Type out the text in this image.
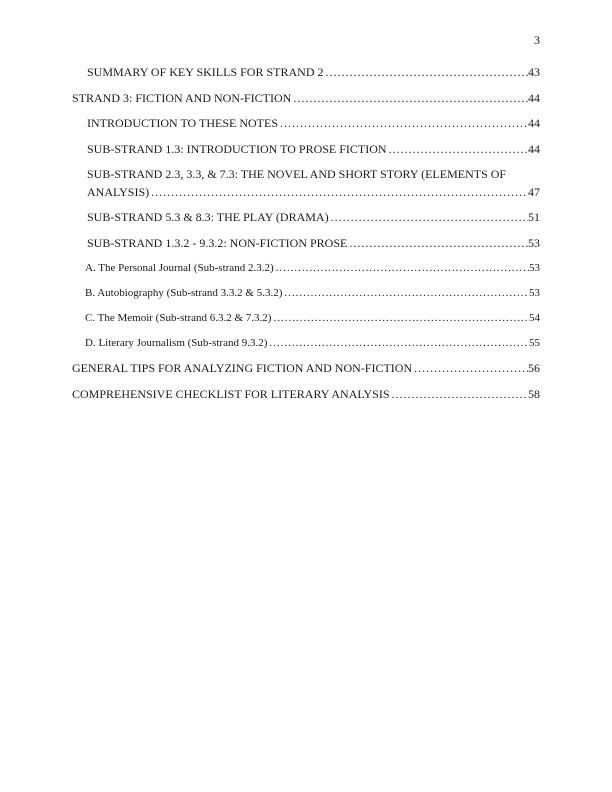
3
SUMMARY OF KEY SKILLS FOR STRAND 2 .....	43
STRAND 3: FICTION AND NON-FICTION .....	44
INTRODUCTION TO THESE NOTES .....	44
SUB-STRAND 1.3: INTRODUCTION TO PROSE FICTION .....	44
SUB-STRAND 2.3, 3.3, & 7.3: THE NOVEL AND SHORT STORY (ELEMENTS OF
ANALYSIS) .....	47
SUB-STRAND 5.3 & 8.3: THE PLAY (DRAMA) .....	51
SUB-STRAND 1.3.2 - 9.3.2: NON-FICTION PROSE .....	53
A. The Personal Journal (Sub-strand 2.3.2) .....	53
B. Autobiography (Sub-strand 3.3.2 & 5.3.2) .....	53
C. The Memoir (Sub-strand 6.3.2 & 7.3.2) .....	54
D. Literary Journalism (Sub-strand 9.3.2) .....	55
GENERAL TIPS FOR ANALYZING FICTION AND NON-FICTION .....	56
COMPREHENSIVE CHECKLIST FOR LITERARY ANALYSIS .....	58
